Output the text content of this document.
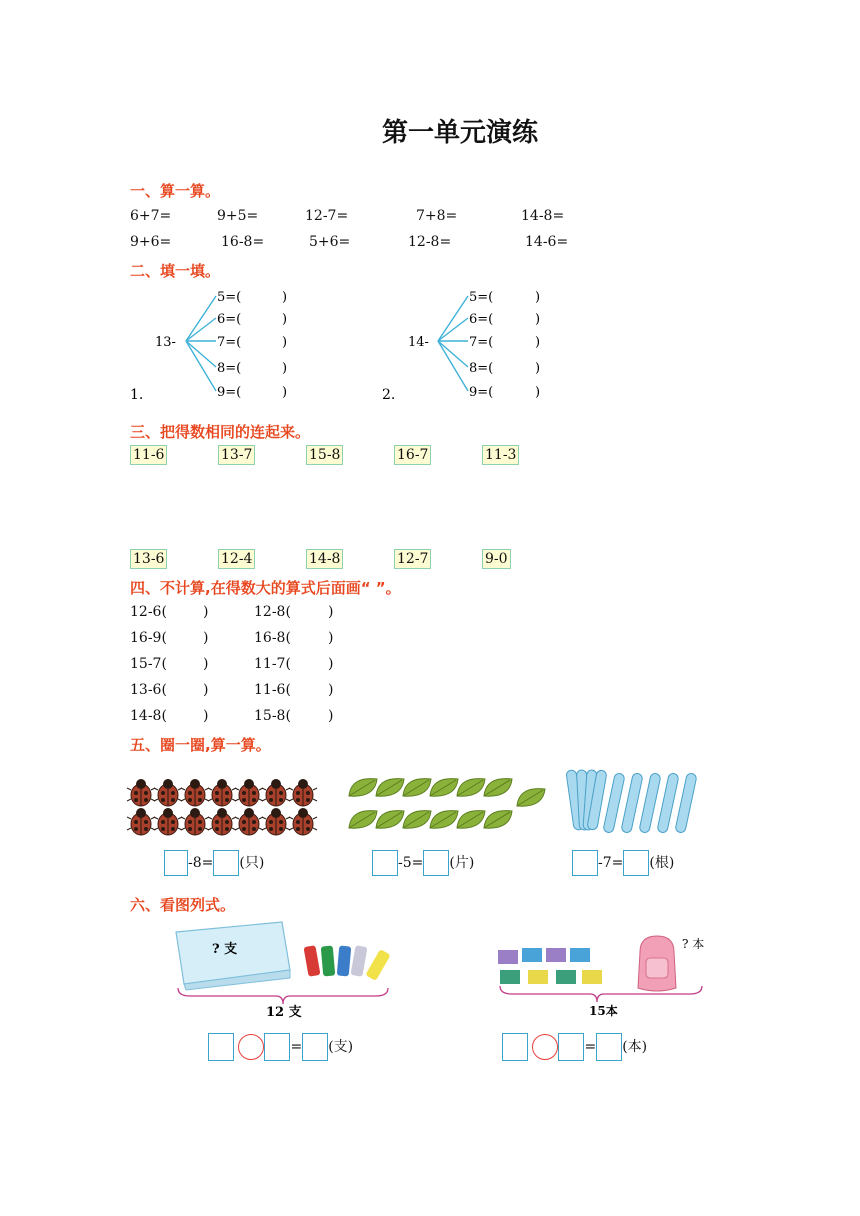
第一单元演练
一、算一算。
6+7=	9+5=	12-7=	7+8=	14-8=
9+6=	16-8=	5+6=	12-8=	14-6=
二、填一填。
13-
5=(
6=(
7=(
8=(
9=(
)
)
)
)
)
1.
14-
5=(
6=(
7=(
8=(
9=(
)
)
)
)
)
2.
三、把得数相同的连起来。
11-6	13-7	15-8	16-7	11-3
13-6	12-4	14-8	12-7	9-0
四、不计算,在得数大的算式后面画“ ”。
12-6(	)	12-8(	)
16-9(	)	16-8(	)
15-7(	)	11-7(	)
13-6(	)	11-6(	)
14-8(	)	15-8(	)
五、圈一圈,算一算。
-8= (只)	-5= (片)	-7= (根)
六、看图列式。
? 支
12 支
? 本
15本
= (支)	= (本)
